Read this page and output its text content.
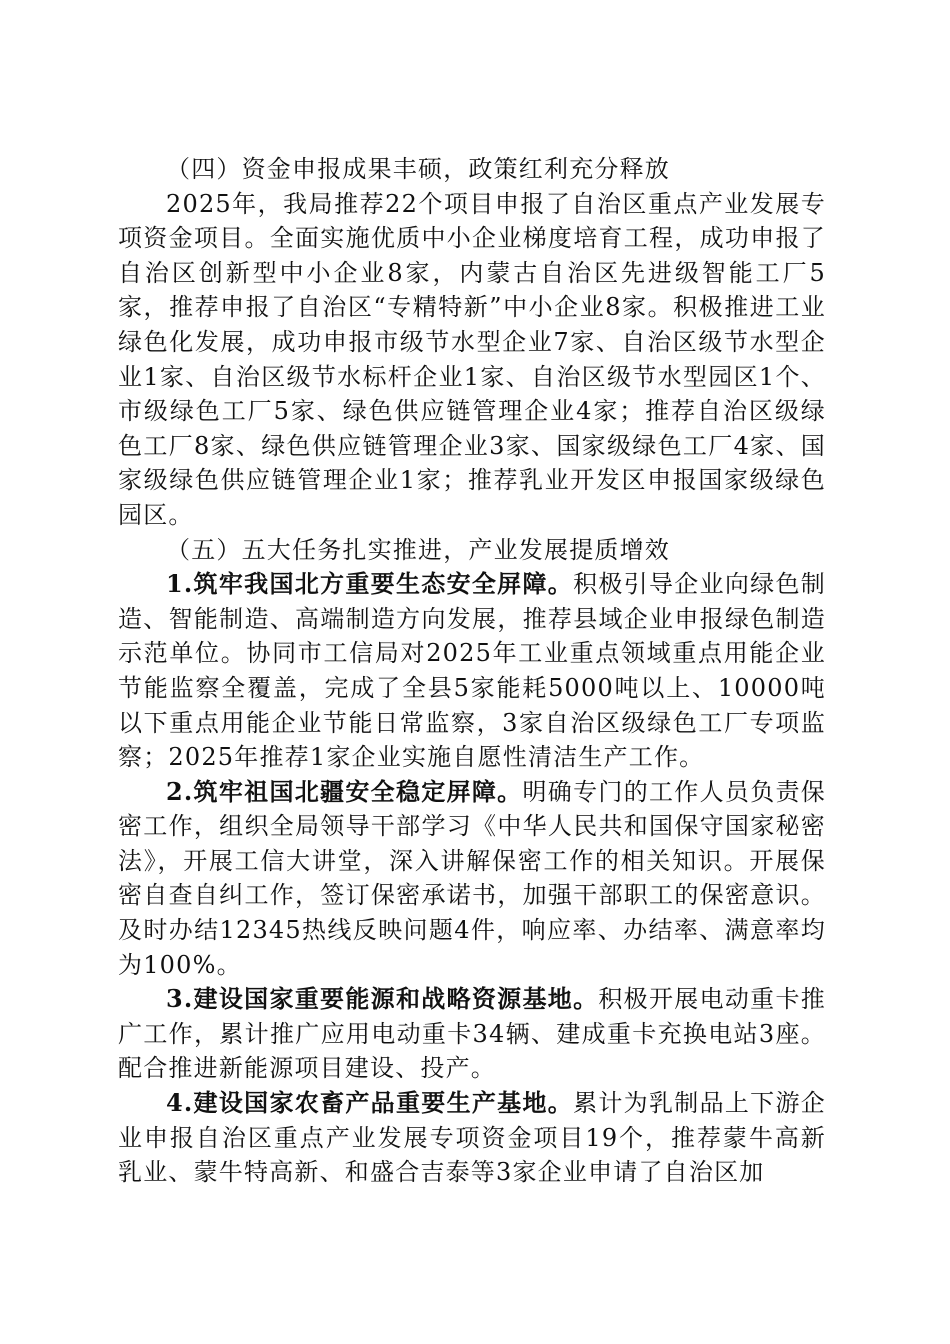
（四）资金申报成果丰硕，政策红利充分释放

2025年，我局推荐22个项目申报了自治区重点产业发展专项资金项目。全面实施优质中小企业梯度培育工程，成功申报了自治区创新型中小企业8家，内蒙古自治区先进级智能工厂5家，推荐申报了自治区“专精特新”中小企业8家。积极推进工业绿色化发展，成功申报市级节水型企业7家、自治区级节水型企业1家、自治区级节水标杆企业1家、自治区级节水型园区1个、市级绿色工厂5家、绿色供应链管理企业4家；推荐自治区级绿色工厂8家、绿色供应链管理企业3家、国家级绿色工厂4家、国家级绿色供应链管理企业1家；推荐乳业开发区申报国家级绿色园区。

（五）五大任务扎实推进，产业发展提质增效

1.筑牢我国北方重要生态安全屏障。积极引导企业向绿色制造、智能制造、高端制造方向发展，推荐县域企业申报绿色制造示范单位。协同市工信局对2025年工业重点领域重点用能企业节能监察全覆盖，完成了全县5家能耗5000吨以上、10000吨以下重点用能企业节能日常监察，3家自治区级绿色工厂专项监察；2025年推荐1家企业实施自愿性清洁生产工作。

2.筑牢祖国北疆安全稳定屏障。明确专门的工作人员负责保密工作，组织全局领导干部学习《中华人民共和国保守国家秘密法》，开展工信大讲堂，深入讲解保密工作的相关知识。开展保密自查自纠工作，签订保密承诺书，加强干部职工的保密意识。及时办结12345热线反映问题4件，响应率、办结率、满意率均为100%。

3.建设国家重要能源和战略资源基地。积极开展电动重卡推广工作，累计推广应用电动重卡34辆、建成重卡充换电站3座。配合推进新能源项目建设、投产。

4.建设国家农畜产品重要生产基地。累计为乳制品上下游企业申报自治区重点产业发展专项资金项目19个，推荐蒙牛高新乳业、蒙牛特高新、和盛合吉泰等3家企业申请了自治区加
